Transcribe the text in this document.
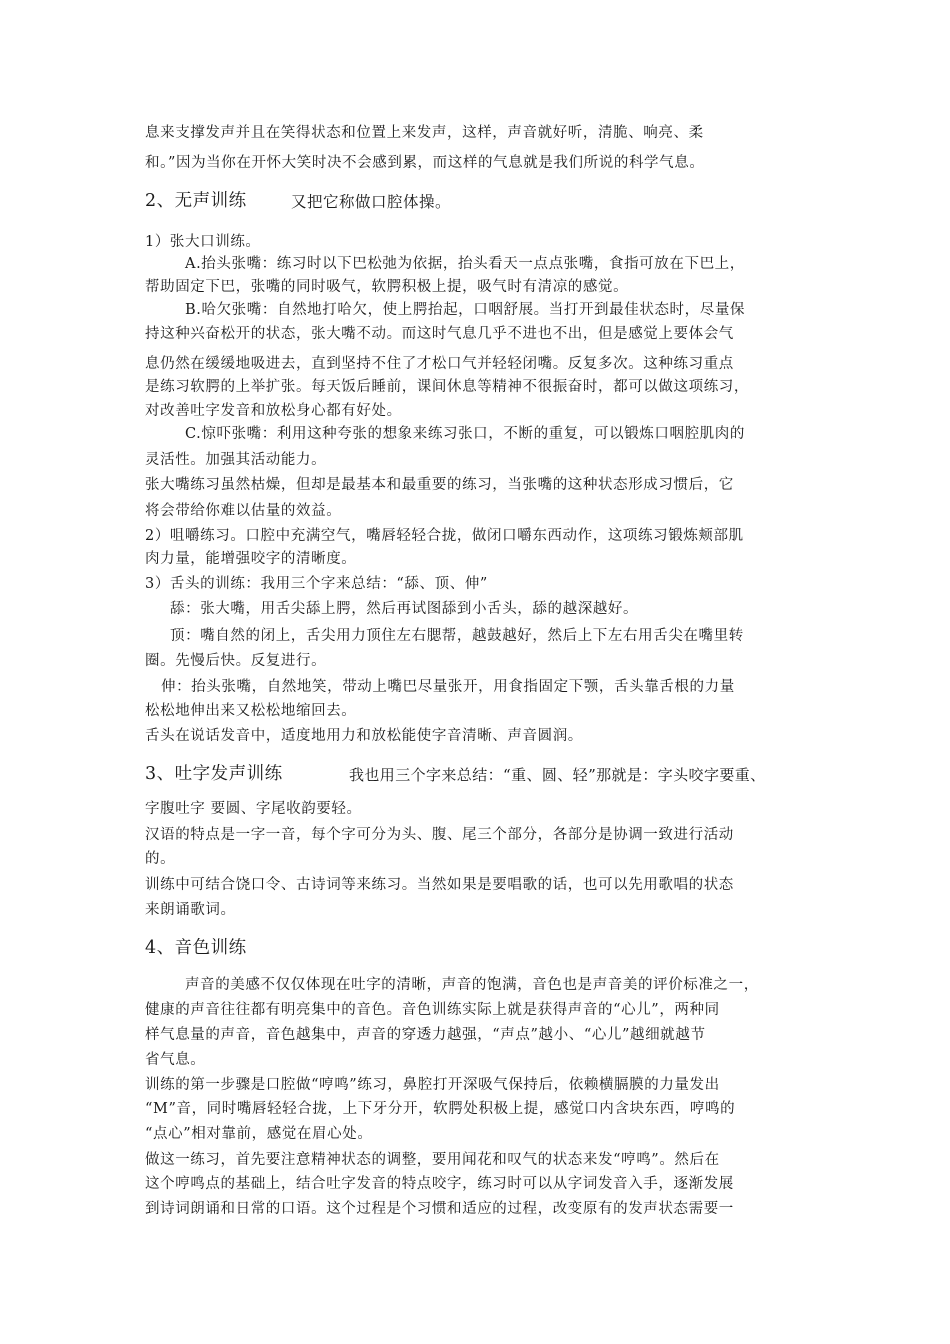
息来支撑发声并且在笑得状态和位置上来发声，这样，声音就好听，清脆、响亮、柔
和。”因为当你在开怀大笑时决不会感到累，而这样的气息就是我们所说的科学气息。
2、无声训练	又把它称做口腔体操。
1）张大口训练。
A.抬头张嘴：练习时以下巴松弛为依据，抬头看天一点点张嘴，食指可放在下巴上，
帮助固定下巴，张嘴的同时吸气，软腭积极上提，吸气时有清凉的感觉。
B.哈欠张嘴：自然地打哈欠，使上腭抬起，口咽舒展。当打开到最佳状态时，尽量保
持这种兴奋松开的状态，张大嘴不动。而这时气息几乎不进也不出，但是感觉上要体会气
息仍然在缓缓地吸进去，直到坚持不住了才松口气并轻轻闭嘴。反复多次。这种练习重点
是练习软腭的上举扩张。每天饭后睡前，课间休息等精神不很振奋时，都可以做这项练习，
对改善吐字发音和放松身心都有好处。
C.惊吓张嘴：利用这种夸张的想象来练习张口，不断的重复，可以锻炼口咽腔肌肉的
灵活性。加强其活动能力。
张大嘴练习虽然枯燥，但却是最基本和最重要的练习，当张嘴的这种状态形成习惯后，它
将会带给你难以估量的效益。
2）咀嚼练习。口腔中充满空气，嘴唇轻轻合拢，做闭口嚼东西动作，这项练习锻炼颊部肌
肉力量，能增强咬字的清晰度。
3）舌头的训练：我用三个字来总结：“舔、顶、伸”
舔：张大嘴，用舌尖舔上腭，然后再试图舔到小舌头，舔的越深越好。
顶：嘴自然的闭上，舌尖用力顶住左右腮帮，越鼓越好，然后上下左右用舌尖在嘴里转
圈。先慢后快。反复进行。
伸：抬头张嘴，自然地笑，带动上嘴巴尽量张开，用食指固定下颚，舌头靠舌根的力量
松松地伸出来又松松地缩回去。
舌头在说话发音中，适度地用力和放松能使字音清晰、声音圆润。
3、吐字发声训练	我也用三个字来总结：“重、圆、轻”那就是：字头咬字要重、
字腹吐字 要圆、字尾收韵要轻。
汉语的特点是一字一音，每个字可分为头、腹、尾三个部分，各部分是协调一致进行活动
的。
训练中可结合饶口令、古诗词等来练习。当然如果是要唱歌的话，也可以先用歌唱的状态
来朗诵歌词。
4、音色训练
声音的美感不仅仅体现在吐字的清晰，声音的饱满，音色也是声音美的评价标准之一，
健康的声音往往都有明亮集中的音色。音色训练实际上就是获得声音的“心儿”，两种同
样气息量的声音，音色越集中，声音的穿透力越强，“声点”越小、“心儿”越细就越节
省气息。
训练的第一步骤是口腔做“哼鸣”练习，鼻腔打开深吸气保持后，依赖横膈膜的力量发出
“M”音，同时嘴唇轻轻合拢，上下牙分开，软腭处积极上提，感觉口内含块东西，哼鸣的
“点心”相对靠前，感觉在眉心处。
做这一练习，首先要注意精神状态的调整，要用闻花和叹气的状态来发“哼鸣”。然后在
这个哼鸣点的基础上，结合吐字发音的特点咬字，练习时可以从字词发音入手，逐渐发展
到诗词朗诵和日常的口语。这个过程是个习惯和适应的过程，改变原有的发声状态需要一
